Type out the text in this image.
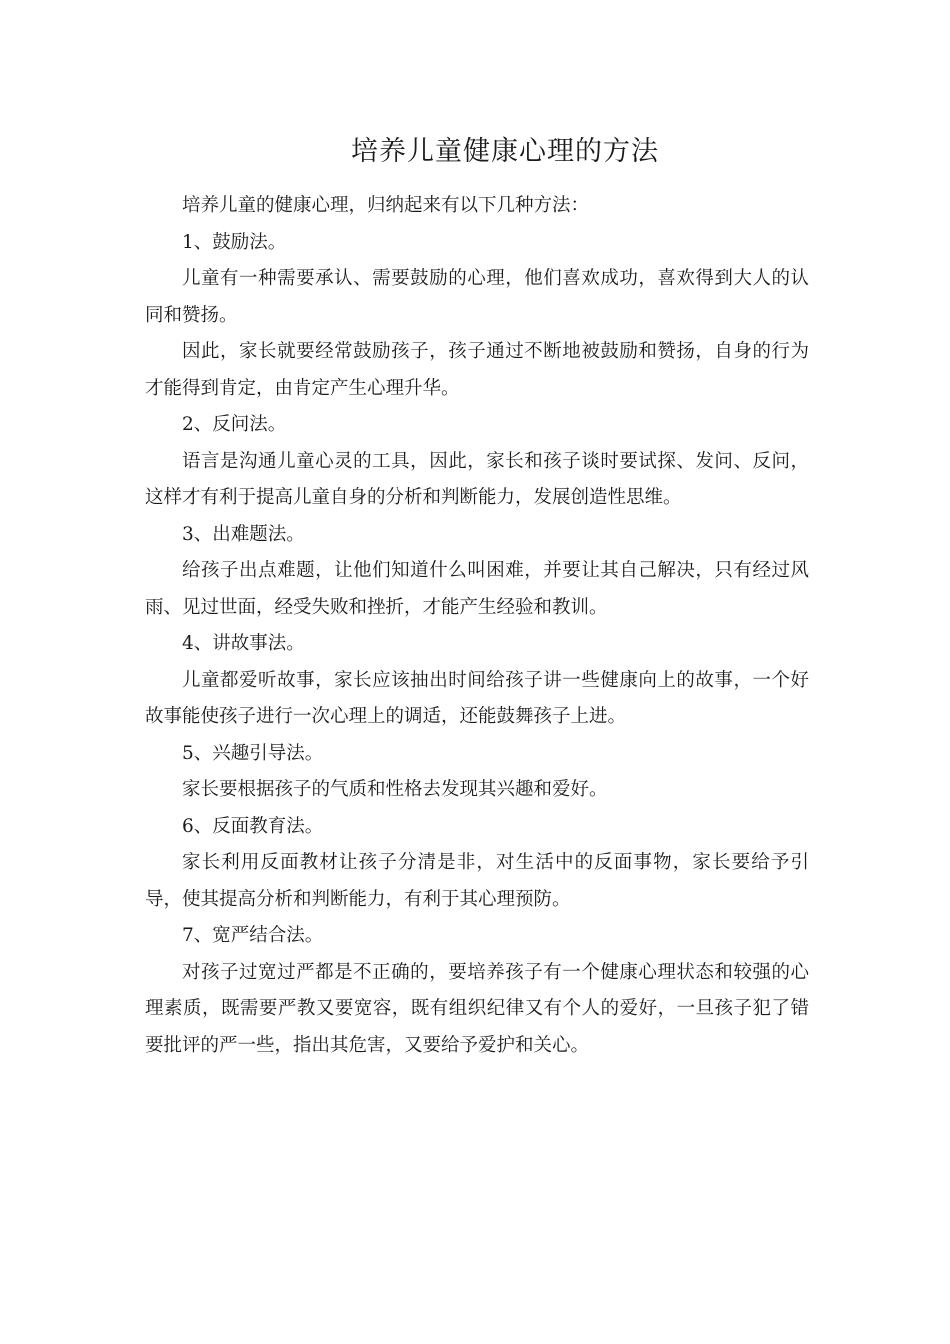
培养儿童健康心理的方法

培养儿童的健康心理，归纳起来有以下几种方法：

1、鼓励法。

儿童有一种需要承认、需要鼓励的心理，他们喜欢成功，喜欢得到大人的认同和赞扬。

因此，家长就要经常鼓励孩子，孩子通过不断地被鼓励和赞扬，自身的行为才能得到肯定，由肯定产生心理升华。

2、反问法。

语言是沟通儿童心灵的工具，因此，家长和孩子谈时要试探、发问、反问，这样才有利于提高儿童自身的分析和判断能力，发展创造性思维。

3、出难题法。

给孩子出点难题，让他们知道什么叫困难，并要让其自己解决，只有经过风雨、见过世面，经受失败和挫折，才能产生经验和教训。

4、讲故事法。

儿童都爱听故事，家长应该抽出时间给孩子讲一些健康向上的故事，一个好故事能使孩子进行一次心理上的调适，还能鼓舞孩子上进。

5、兴趣引导法。

家长要根据孩子的气质和性格去发现其兴趣和爱好。

6、反面教育法。

家长利用反面教材让孩子分清是非，对生活中的反面事物，家长要给予引导，使其提高分析和判断能力，有利于其心理预防。

7、宽严结合法。

对孩子过宽过严都是不正确的，要培养孩子有一个健康心理状态和较强的心理素质，既需要严教又要宽容，既有组织纪律又有个人的爱好，一旦孩子犯了错要批评的严一些，指出其危害，又要给予爱护和关心。
